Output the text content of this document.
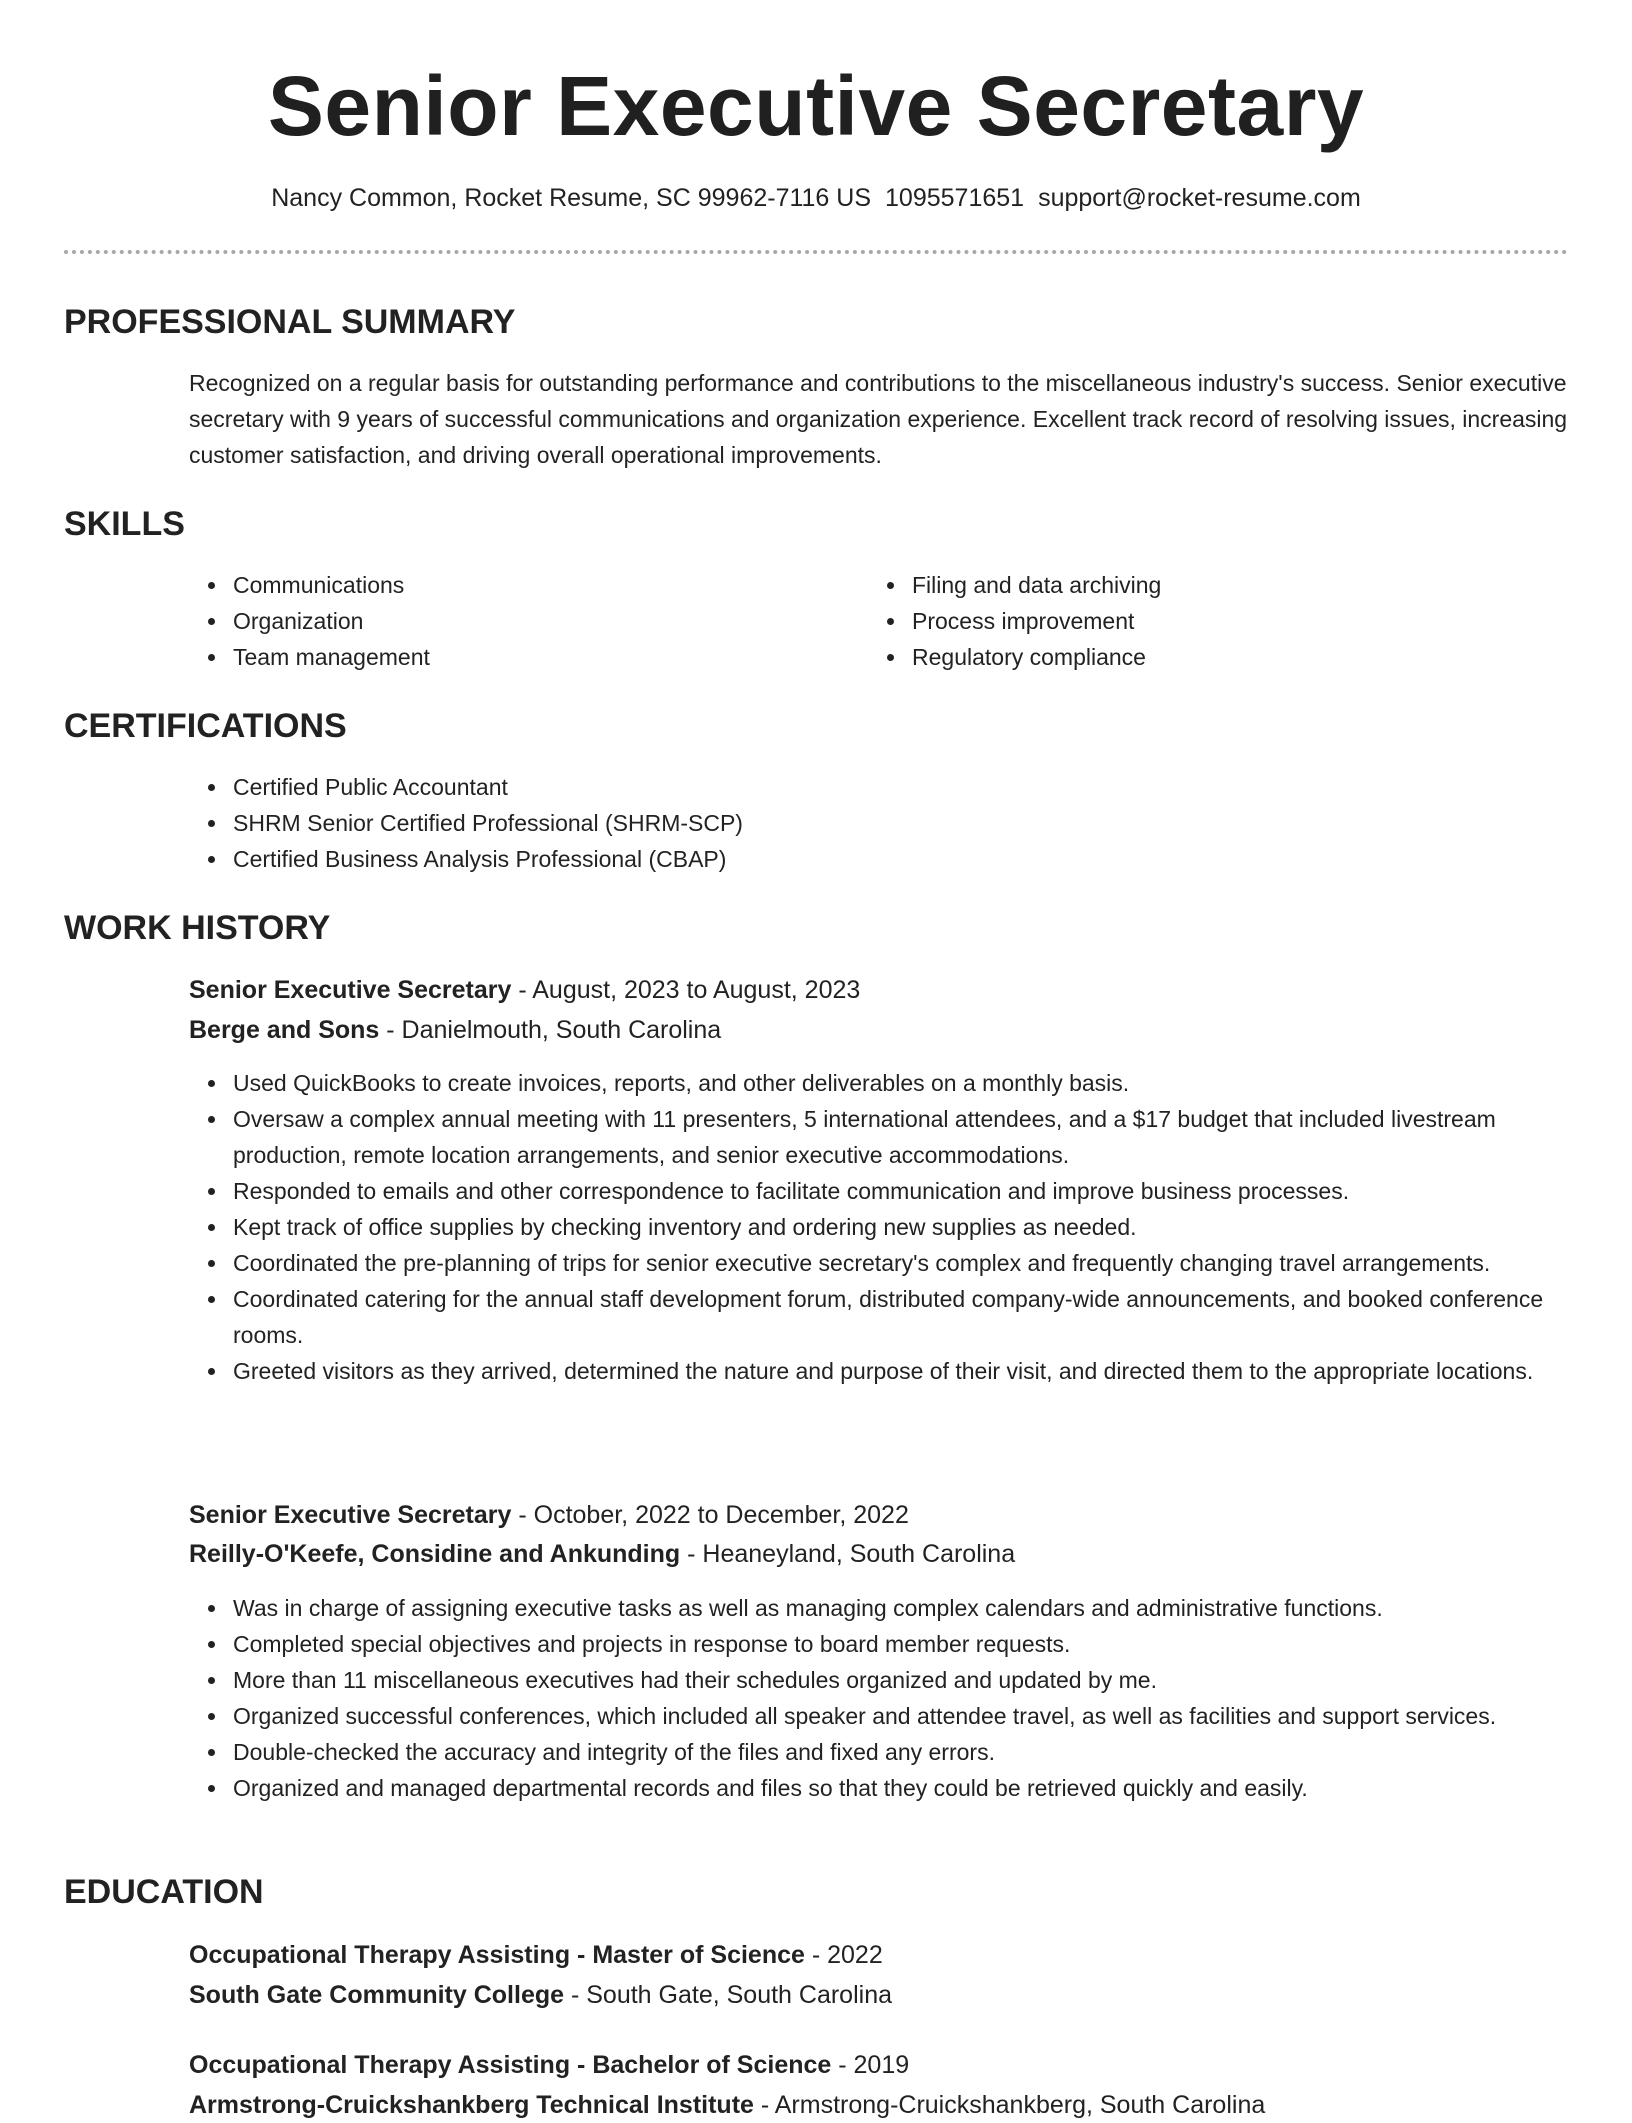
Senior Executive Secretary
Nancy Common, Rocket Resume, SC 99962-7116 US 1095571651 support@rocket-resume.com
PROFESSIONAL SUMMARY

Recognized on a regular basis for outstanding performance and contributions to the miscellaneous industry's success. Senior executive secretary with 9 years of successful communications and organization experience. Excellent track record of resolving issues, increasing customer satisfaction, and driving overall operational improvements.

SKILLS
Communications
Organization
Team management
Filing and data archiving
Process improvement
Regulatory compliance
CERTIFICATIONS
Certified Public Accountant
SHRM Senior Certified Professional (SHRM-SCP)
Certified Business Analysis Professional (CBAP)
WORK HISTORY
Senior Executive Secretary - August, 2023 to August, 2023
Berge and Sons - Danielmouth, South Carolina
Used QuickBooks to create invoices, reports, and other deliverables on a monthly basis.
Oversaw a complex annual meeting with 11 presenters, 5 international attendees, and a $17 budget that included livestream production, remote location arrangements, and senior executive accommodations.
Responded to emails and other correspondence to facilitate communication and improve business processes.
Kept track of office supplies by checking inventory and ordering new supplies as needed.
Coordinated the pre-planning of trips for senior executive secretary's complex and frequently changing travel arrangements.
Coordinated catering for the annual staff development forum, distributed company-wide announcements, and booked conference rooms.
Greeted visitors as they arrived, determined the nature and purpose of their visit, and directed them to the appropriate locations.
Senior Executive Secretary - October, 2022 to December, 2022
Reilly-O'Keefe, Considine and Ankunding - Heaneyland, South Carolina
Was in charge of assigning executive tasks as well as managing complex calendars and administrative functions.
Completed special objectives and projects in response to board member requests.
More than 11 miscellaneous executives had their schedules organized and updated by me.
Organized successful conferences, which included all speaker and attendee travel, as well as facilities and support services.
Double-checked the accuracy and integrity of the files and fixed any errors.
Organized and managed departmental records and files so that they could be retrieved quickly and easily.
EDUCATION
Occupational Therapy Assisting - Master of Science - 2022
South Gate Community College - South Gate, South Carolina
Occupational Therapy Assisting - Bachelor of Science - 2019
Armstrong-Cruickshankberg Technical Institute - Armstrong-Cruickshankberg, South Carolina
